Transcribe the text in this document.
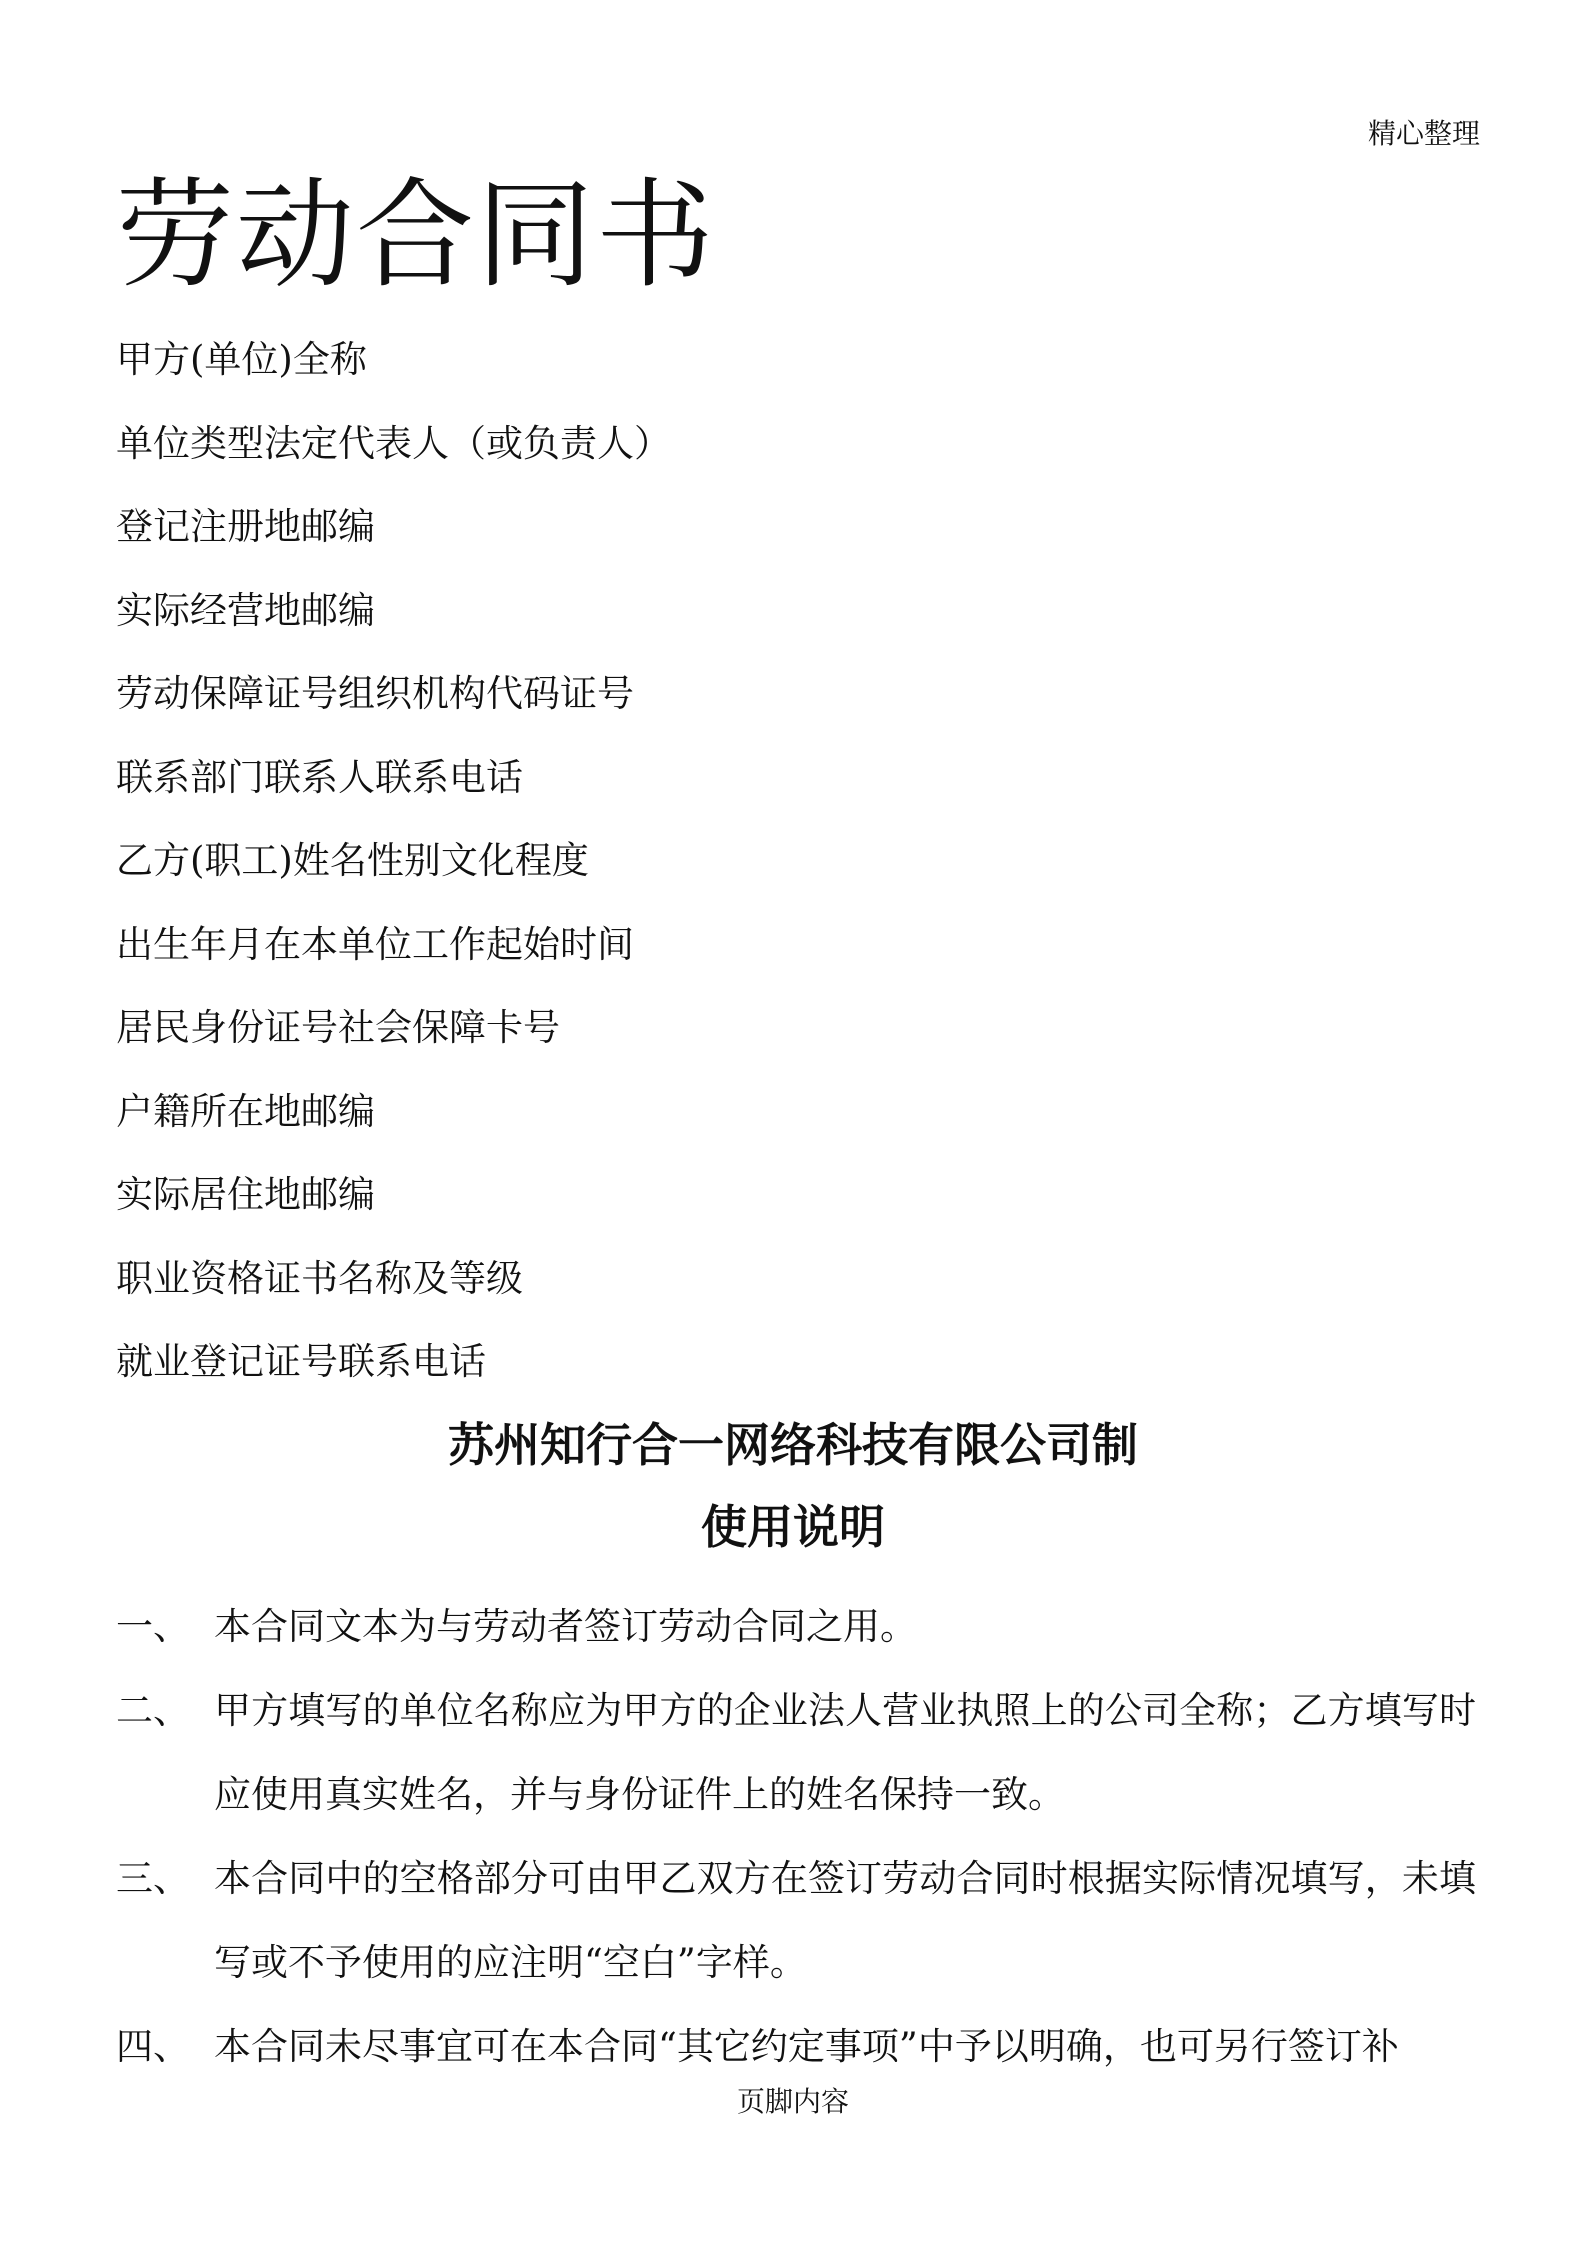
精心整理
劳动合同书
甲方(单位)全称
单位类型法定代表人（或负责人）
登记注册地邮编
实际经营地邮编
劳动保障证号组织机构代码证号
联系部门联系人联系电话
乙方(职工)姓名性别文化程度
出生年月在本单位工作起始时间
居民身份证号社会保障卡号
户籍所在地邮编
实际居住地邮编
职业资格证书名称及等级
就业登记证号联系电话
苏州知行合一网络科技有限公司制
使用说明
一、 本合同文本为与劳动者签订劳动合同之用。
二、 甲方填写的单位名称应为甲方的企业法人营业执照上的公司全称；乙方填写时应使用真实姓名，并与身份证件上的姓名保持一致。
三、 本合同中的空格部分可由甲乙双方在签订劳动合同时根据实际情况填写，未填写或不予使用的应注明“空白”字样。
四、 本合同未尽事宜可在本合同“其它约定事项”中予以明确，也可另行签订补
页脚内容
